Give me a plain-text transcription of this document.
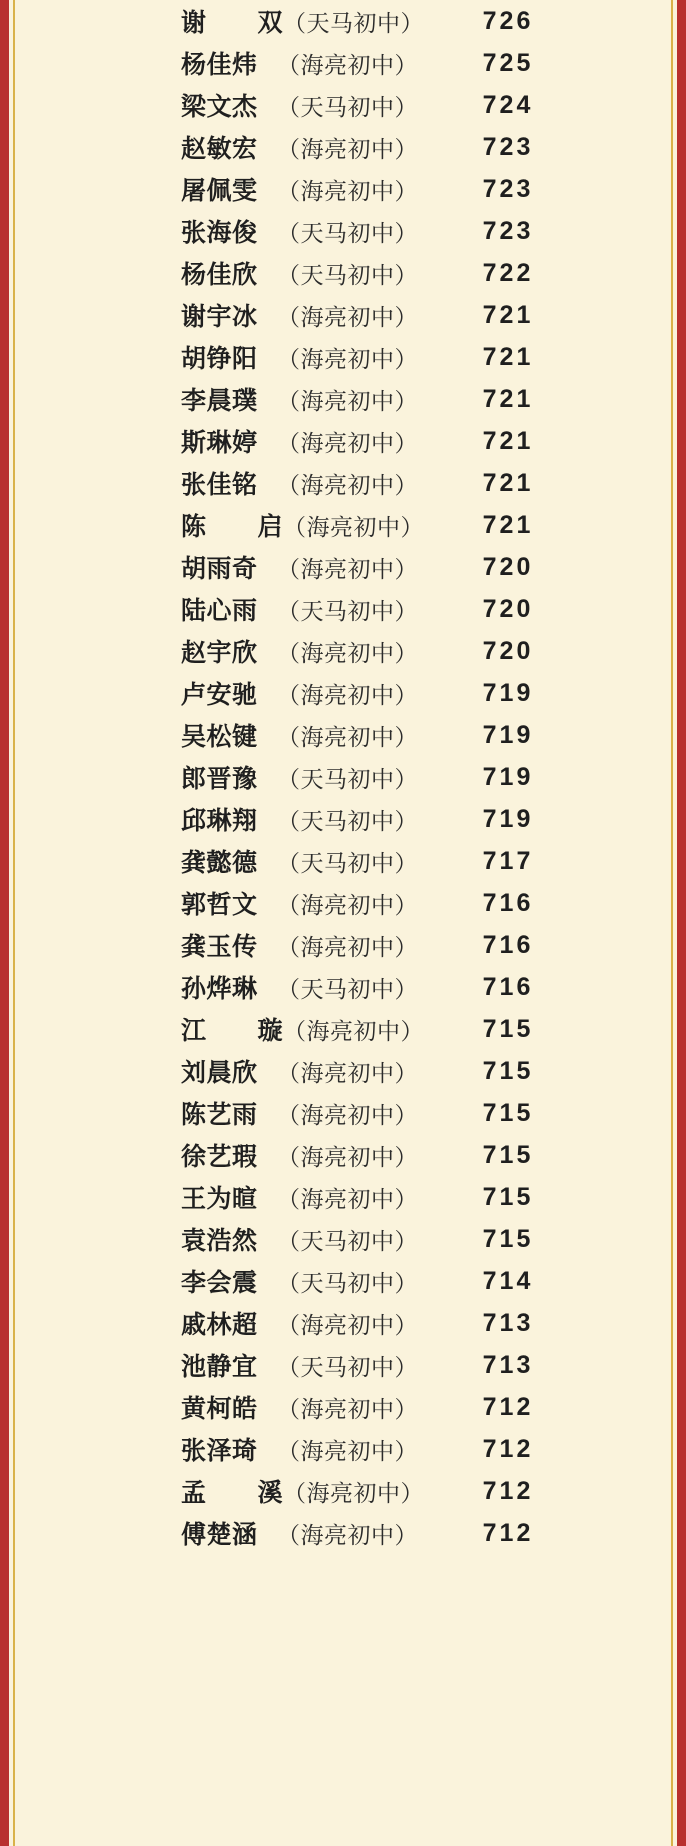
谢　　双 （天马初中）	726
杨佳炜 （海亮初中）	725
梁文杰 （天马初中）	724
赵敏宏 （海亮初中）	723
屠佩雯 （海亮初中）	723
张海俊 （天马初中）	723
杨佳欣 （天马初中）	722
谢宇冰 （海亮初中）	721
胡铮阳 （海亮初中）	721
李晨璞 （海亮初中）	721
斯琳婷 （海亮初中）	721
张佳铭 （海亮初中）	721
陈　　启 （海亮初中）	721
胡雨奇 （海亮初中）	720
陆心雨 （天马初中）	720
赵宇欣 （海亮初中）	720
卢安驰 （海亮初中）	719
吴松键 （海亮初中）	719
郎晋豫 （天马初中）	719
邱琳翔 （天马初中）	719
龚懿德 （天马初中）	717
郭哲文 （海亮初中）	716
龚玉传 （海亮初中）	716
孙烨琳 （天马初中）	716
江　　璇 （海亮初中）	715
刘晨欣 （海亮初中）	715
陈艺雨 （海亮初中）	715
徐艺瑕 （海亮初中）	715
王为暄 （海亮初中）	715
袁浩然 （天马初中）	715
李会震 （天马初中）	714
戚林超 （海亮初中）	713
池静宜 （天马初中）	713
黄柯皓 （海亮初中）	712
张泽琦 （海亮初中）	712
孟　　溪 （海亮初中）	712
傅楚涵 （海亮初中）	712
